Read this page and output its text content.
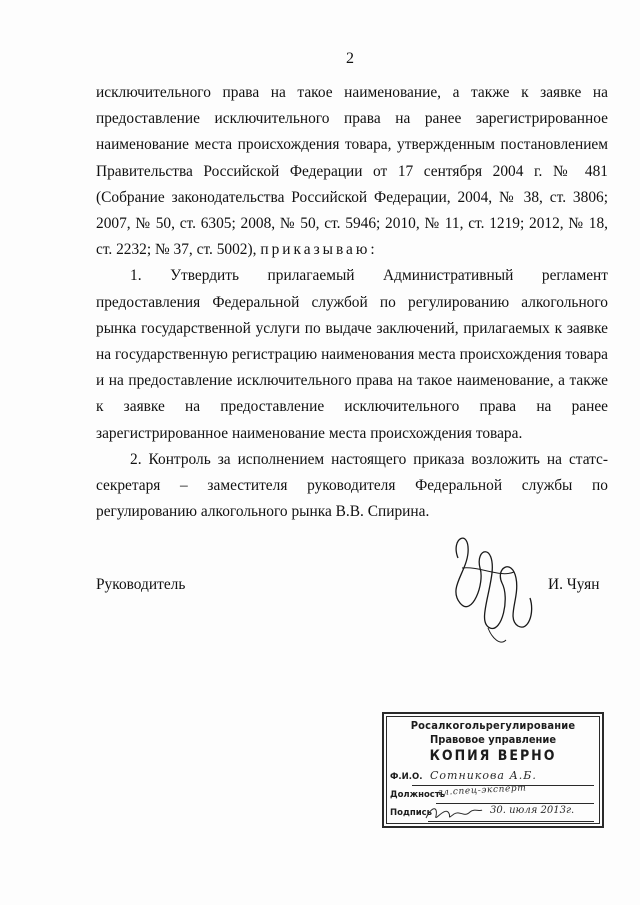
2

исключительного права на такое наименование, а также к заявке на предоставление исключительного права на ранее зарегистрированное наименование места происхождения товара, утвержденным постановлением Правительства Российской Федерации от 17 сентября 2004 г. № 481 (Собрание законодательства Российской Федерации, 2004, № 38, ст. 3806; 2007, № 50, ст. 6305; 2008, № 50, ст. 5946; 2010, № 11, ст. 1219; 2012, № 18, ст. 2232; № 37, ст. 5002), приказываю:

1. Утвердить прилагаемый Административный регламент предоставления Федеральной службой по регулированию алкогольного рынка государственной услуги по выдаче заключений, прилагаемых к заявке на государственную регистрацию наименования места происхождения товара и на предоставление исключительного права на такое наименование, а также к заявке на предоставление исключительного права на ранее зарегистрированное наименование места происхождения товара.

2. Контроль за исполнением настоящего приказа возложить на статс-секретаря – заместителя руководителя Федеральной службы по регулированию алкогольного рынка В.В. Спирина.

Руководитель	И. Чуян
Росалкогольрегулирование
Правовое управление
КОПИЯ ВЕРНО
Ф.И.О. Сотникова А.Б.
Должность
гл.спец-эксперт
Подпись	30. июля 2013г.
